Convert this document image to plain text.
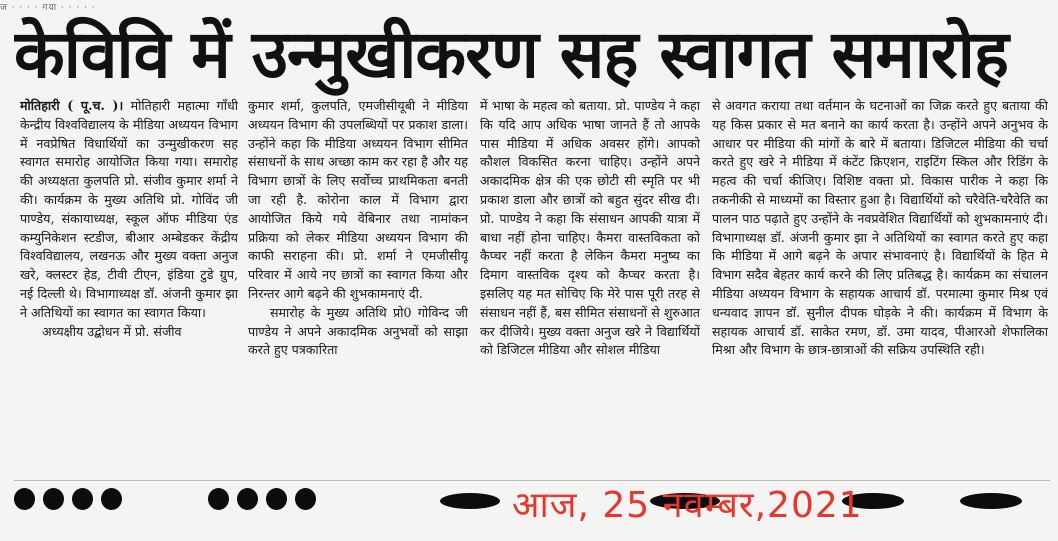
ज · · · · गया · · · · ·
केविवि में उन्मुखीकरण सह स्वागत समारोह

मोतिहारी ( पू.च. )। मोतिहारी महात्मा गाँधी केन्द्रीय विश्वविद्यालय के मीडिया अध्ययन विभाग में नवप्रेषित विधार्थियों का उन्मुखीकरण सह स्वागत समारोह आयोजित किया गया। समारोह की अध्यक्षता कुलपति प्रो. संजीव कुमार शर्मा ने की। कार्यक्रम के मुख्य अतिथि प्रो. गोविंद जी पाण्डेय, संकायाध्यक्ष, स्कूल ऑफ मीडिया एंड कम्युनिकेशन स्टडीज, बीआर अम्बेडकर केंद्रीय विश्वविद्यालय, लखनऊ और मुख्य वक्ता अनुज खरे, क्लस्टर हेड, टीवी टीएन, इंडिया टुडे ग्रुप, नई दिल्ली थे। विभागाध्यक्ष डॉ. अंजनी कुमार झा ने अतिथियों का स्वागत का स्वागत किया।

अध्यक्षीय उद्बोधन में प्रो. संजीव

कुमार शर्मा, कुलपति, एमजीसीयूबी ने मीडिया अध्ययन विभाग की उपलब्धियों पर प्रकाश डाला। उन्होंने कहा कि मीडिया अध्ययन विभाग सीमित संसाधनों के साथ अच्छा काम कर रहा है और यह विभाग छात्रों के लिए सर्वोच्च प्राथमिकता बनती जा रही है. कोरोना काल में विभाग द्वारा आयोजित किये गये वेबिनार तथा नामांकन प्रक्रिया को लेकर मीडिया अध्ययन विभाग की काफी सराहना की। प्रो. शर्मा ने एमजीसीयू परिवार में आये नए छात्रों का स्वागत किया और निरन्तर आगे बढ़ने की शुभकामनाएं दी.

समारोह के मुख्य अतिथि प्रो0 गोविन्द जी पाण्डेय ने अपने अकादमिक अनुभवों को साझा करते हुए पत्रकारिता

में भाषा के महत्व को बताया. प्रो. पाण्डेय ने कहा कि यदि आप अधिक भाषा जानते हैं तो आपके पास मीडिया में अधिक अवसर होंगे। आपको कौशल विकसित करना चाहिए। उन्होंने अपने अकादमिक क्षेत्र की एक छोटी सी स्मृति पर भी प्रकाश डाला और छात्रों को बहुत सुंदर सीख दी। प्रो. पाण्डेय ने कहा कि संसाधन आपकी यात्रा में बाधा नहीं होना चाहिए। कैमरा वास्तविकता को कैप्चर नहीं करता है लेकिन कैमरा मनुष्य का दिमाग वास्तविक दृश्य को कैप्चर करता है। इसलिए यह मत सोचिए कि मेरे पास पूरी तरह से संसाधन नहीं हैं, बस सीमित संसाधनों से शुरुआत कर दीजिये। मुख्य वक्ता अनुज खरे ने विद्यार्थियों को डिजिटल मीडिया और सोशल मीडिया

से अवगत कराया तथा वर्तमान के घटनाओं का जिक्र करते हुए बताया की यह किस प्रकार से मत बनाने का कार्य करता है। उन्होंने अपने अनुभव के आधार पर मीडिया की मांगों के बारे में बताया। डिजिटल मीडिया की चर्चा करते हुए खरे ने मीडिया में कंटेंट क्रिएशन, राइटिंग स्किल और रिडिंग के महत्व की चर्चा कीजिए। विशिष्ट वक्ता प्रो. विकास पारीक ने कहा कि तकनीकी से माध्यमों का विस्तार हुआ है। विद्यार्थियों को चरैवेति-चरैवेति का पालन पाठ पढ़ाते हुए उन्होंने के नवप्रवेशित विद्यार्थियों को शुभकामनाएं दी। विभागाध्यक्ष डॉ. अंजनी कुमार झा ने अतिथियों का स्वागत करते हुए कहा कि मीडिया में आगे बढ़ने के अपार संभावनाएं है। विद्यार्थियों के हित मे विभाग सदैव बेहतर कार्य करने की लिए प्रतिबद्ध है। कार्यक्रम का संचालन मीडिया अध्ययन विभाग के सहायक आचार्य डॉ. परमात्मा कुमार मिश्र एवं धन्यवाद ज्ञापन डॉ. सुनील दीपक घोड़के ने की। कार्यक्रम में विभाग के सहायक आचार्य डॉ. साकेत रमण, डॉ. उमा यादव, पीआरओ शेफालिका मिश्रा और विभाग के छात्र-छात्राओं की सक्रिय उपस्थिति रही।

आज, 25 नवम्बर,2021
